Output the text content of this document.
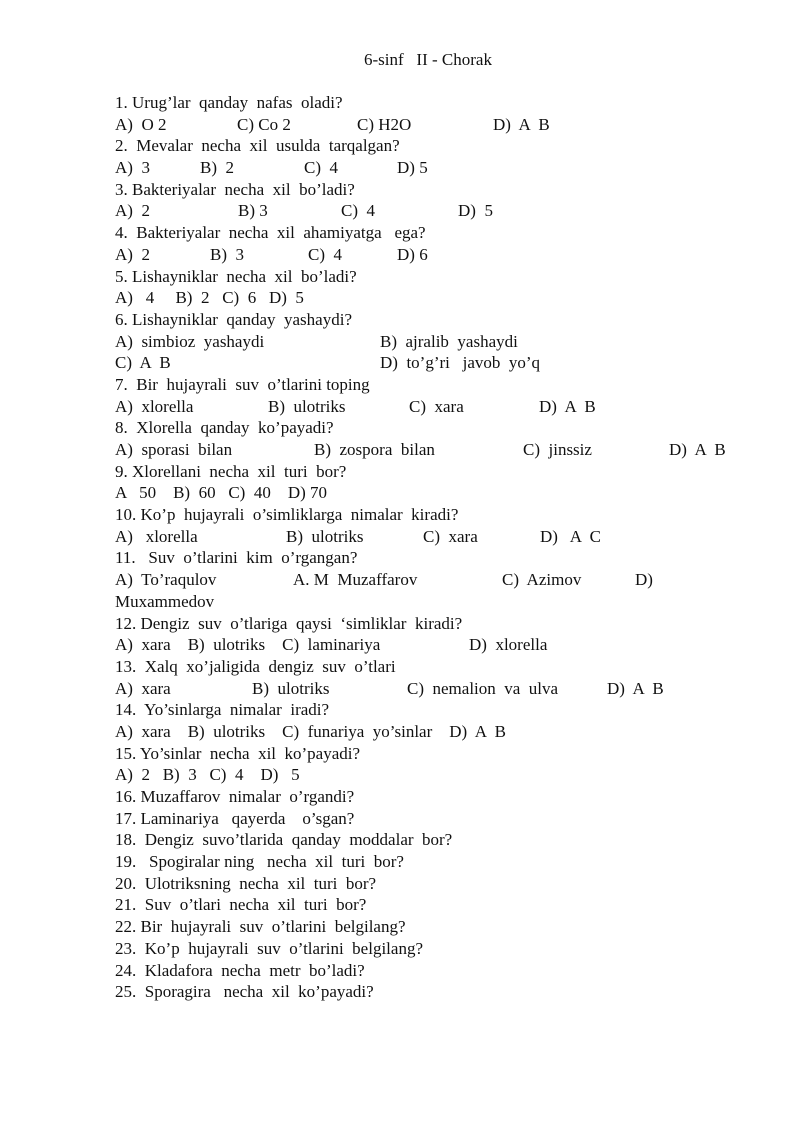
6-sinf   II - Chorak
1. Urug’lar  qanday  nafas  oladi?
A)  O 2	C) Co 2	C) H2O	D)  A  B
2.  Mevalar  necha  xil  usulda  tarqalgan?
A)  3	B)  2	C)  4	D) 5
3. Bakteriyalar  necha  xil  bo’ladi?
A)  2	B) 3	C)  4	D)  5
4.  Bakteriyalar  necha  xil  ahamiyatga   ega?
A)  2	B)  3	C)  4	D) 6
5. Lishayniklar  necha  xil  bo’ladi?
A)   4     B)  2   C)  6   D)  5
6. Lishayniklar  qanday  yashaydi?
A)  simbioz  yashaydi	B)  ajralib  yashaydi
C)  A  B	D)  to’g’ri   javob  yo’q
7.  Bir  hujayrali  suv  o’tlarini toping
A)  xlorella	B)  ulotriks	C)  xara	D)  A  B
8.  Xlorella  qanday  ko’payadi?
A)  sporasi  bilan	B)  zospora  bilan	C)  jinssiz	D)  A  B
9. Xlorellani  necha  xil  turi  bor?
A   50    B)  60   C)  40    D) 70
10. Ko’p  hujayrali  o’simliklarga  nimalar  kiradi?
A)   xlorella	B)  ulotriks	C)  xara	D)   A  C
11.   Suv  o’tlarini  kim  o’rgangan?
A)  To’raqulov	A. M  Muzaffarov	C)  Azimov	D)
Muxammedov
12. Dengiz  suv  o’tlariga  qaysi  ‘simliklar  kiradi?
A)  xara    B)  ulotriks    C)  laminariya	D)  xlorella
13.  Xalq  xo’jaligida  dengiz  suv  o’tlari
A)  xara	B)  ulotriks	C)  nemalion  va  ulva	D)  A  B
14.  Yo’sinlarga  nimalar  iradi?
A)  xara    B)  ulotriks    C)  funariya  yo’sinlar    D)  A  B
15. Yo’sinlar  necha  xil  ko’payadi?
A)  2   B)  3   C)  4    D)   5
16. Muzaffarov  nimalar  o’rgandi?
17. Laminariya   qayerda    o’sgan?
18.  Dengiz  suvo’tlarida  qanday  moddalar  bor?
19.   Spogiralar ning   necha  xil  turi  bor?
20.  Ulotriksning  necha  xil  turi  bor?
21.  Suv  o’tlari  necha  xil  turi  bor?
22. Bir  hujayrali  suv  o’tlarini  belgilang?
23.  Ko’p  hujayrali  suv  o’tlarini  belgilang?
24.  Kladafora  necha  metr  bo’ladi?
25.  Sporagira   necha  xil  ko’payadi?
